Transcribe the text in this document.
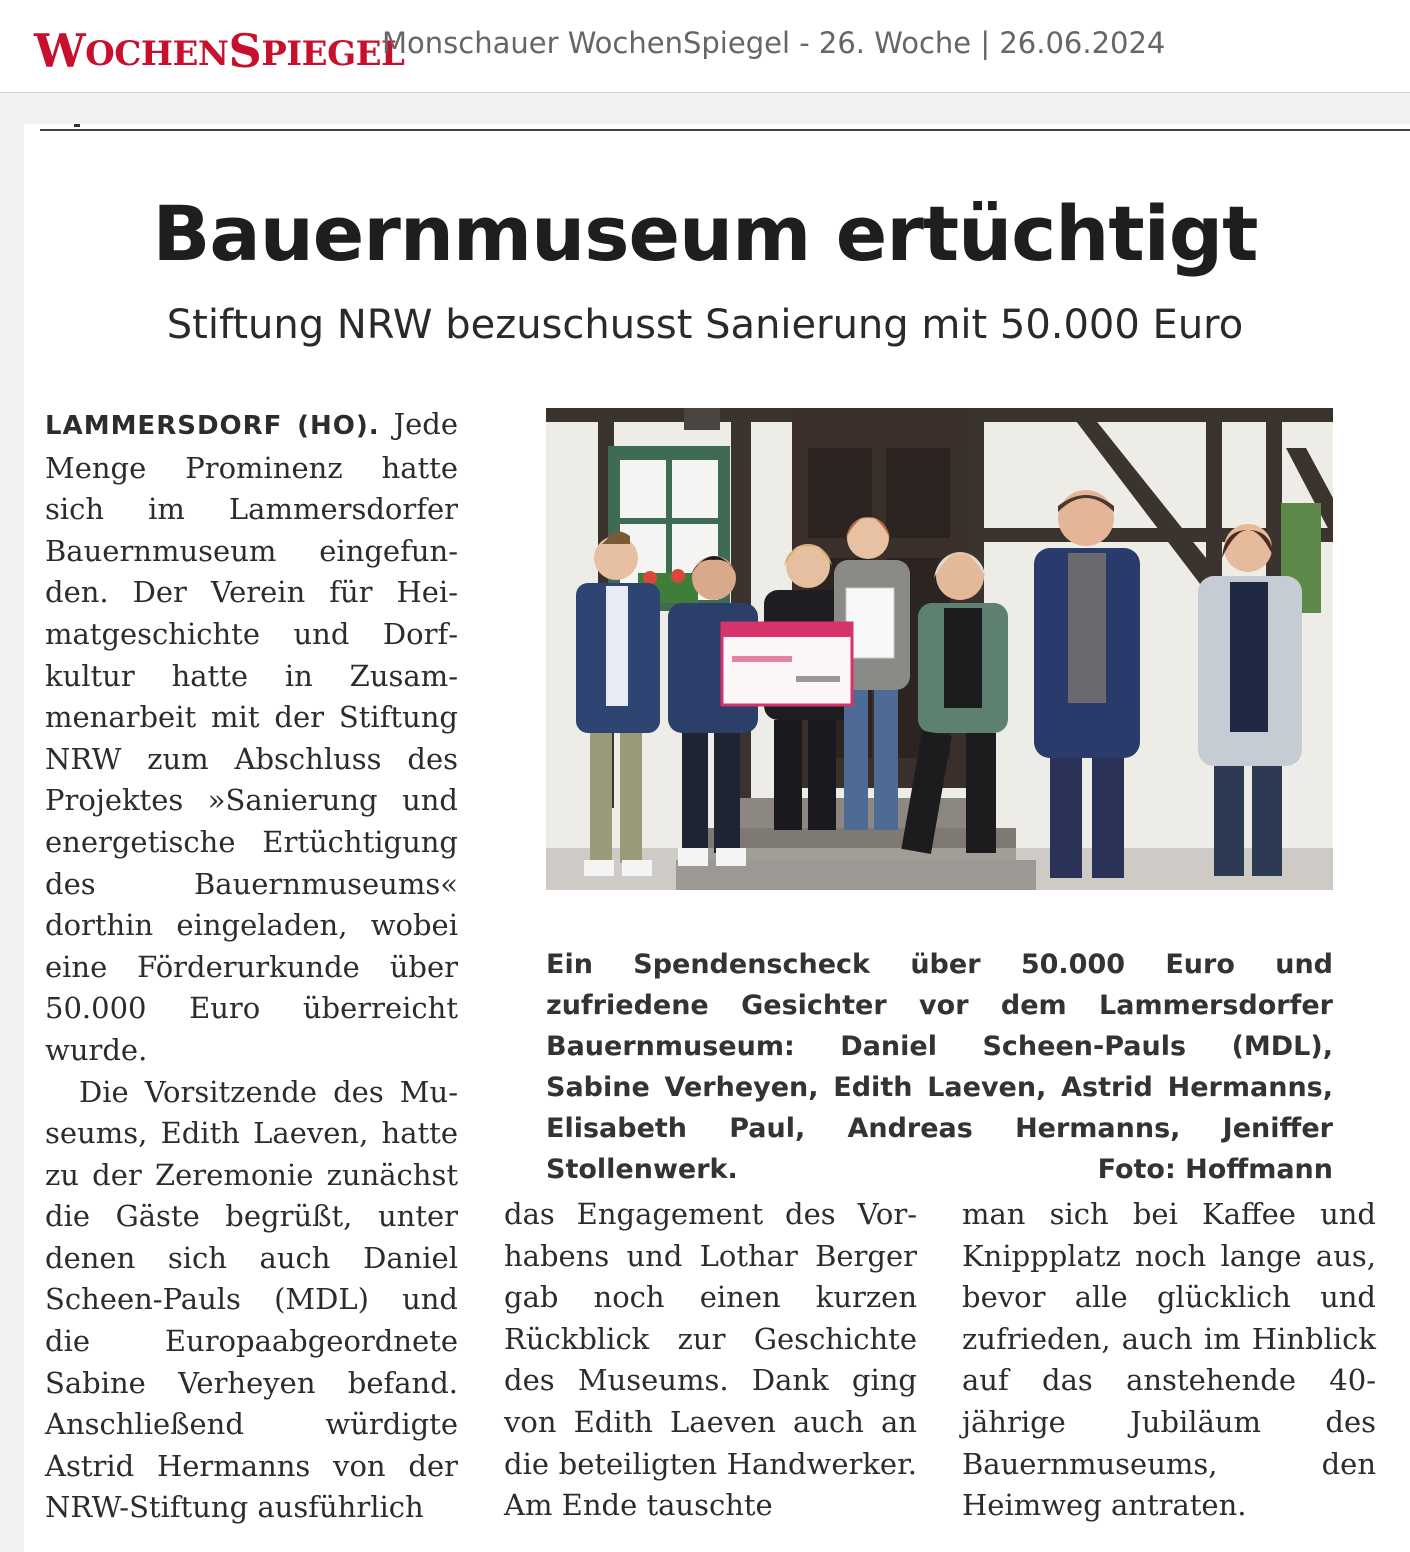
W OCHEN S PIEGEL
Monschauer WochenSpiegel - 26. Woche | 26.06.2024
Bauernmuseum ertüchtigt
Stiftung NRW bezuschusst Sanierung mit 50.000 Euro

LAMMERSDORF (HO). Jede Menge Prominenz hatte sich im Lammersdorfer Bauernmuseum eingefunden. Der Verein für Heimatgeschichte und Dorfkultur hatte in Zusammenarbeit mit der Stiftung NRW zum Abschluss des Projektes »Sanierung und energetische Ertüchtigung des Bauernmuseums« dorthin eingeladen, wobei eine Förderurkunde über 50.000 Euro überreicht wurde.

Die Vorsitzende des Museums, Edith Laeven, hatte zu der Zeremonie zunächst die Gäste begrüßt, unter denen sich auch Daniel Scheen-Pauls (MDL) und die Europaabgeordnete Sabine Verheyen befand. Anschließend würdigte Astrid Hermanns von der NRW-Stiftung ausführlich

das Engagement des Vorhabens und Lothar Berger gab noch einen kurzen Rückblick zur Geschichte des Museums. Dank ging von Edith Laeven auch an die beteiligten Handwerker. Am Ende tauschte

man sich bei Kaffee und Knippplatz noch lange aus, bevor alle glücklich und zufrieden, auch im Hinblick auf das anstehende 40-jährige Jubiläum des Bauernmuseums, den Heimweg antraten.

Ein Spendenscheck über 50.000 Euro und zufriedene Gesichter vor dem Lammersdorfer Bauernmuseum: Daniel Scheen-Pauls (MDL), Sabine Verheyen, Edith Laeven, Astrid Hermanns, Elisabeth Paul, Andreas Hermanns, Jeniffer Stollenwerk.	Foto: Hoffmann
